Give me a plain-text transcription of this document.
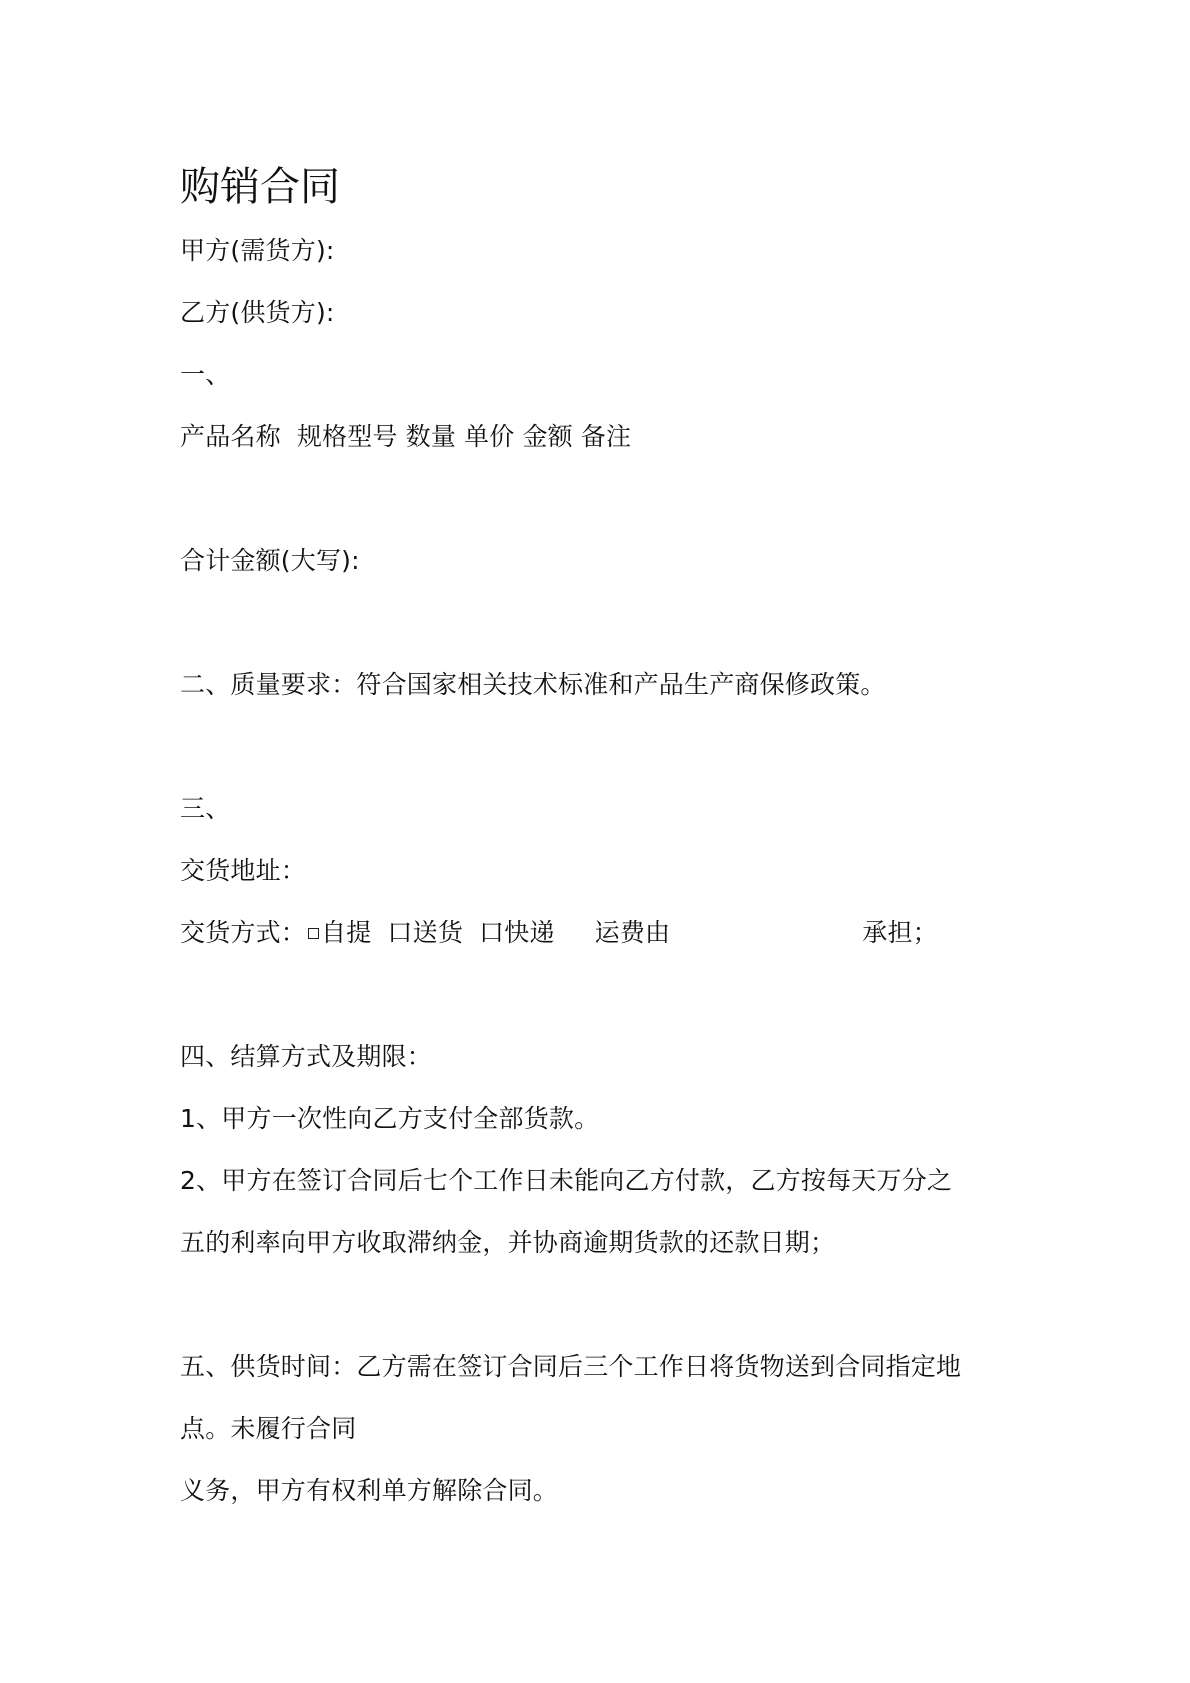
购销合同
甲方(需货方):
乙方(供货方):
一、
产品名称 规格型号 数量 单价 金额 备注
合计金额(大写):
二、质量要求：符合国家相关技术标准和产品生产商保修政策。
三、
交货地址：
交货方式： 自提 口送货 口快递 运费由	承担；
四、结算方式及期限：
1、甲方一次性向乙方支付全部货款。
2、甲方在签订合同后七个工作日未能向乙方付款，乙方按每天万分之
五的利率向甲方收取滞纳金，并协商逾期货款的还款日期；
五、供货时间：乙方需在签订合同后三个工作日将货物送到合同指定地
点。未履行合同
义务，甲方有权利单方解除合同。
